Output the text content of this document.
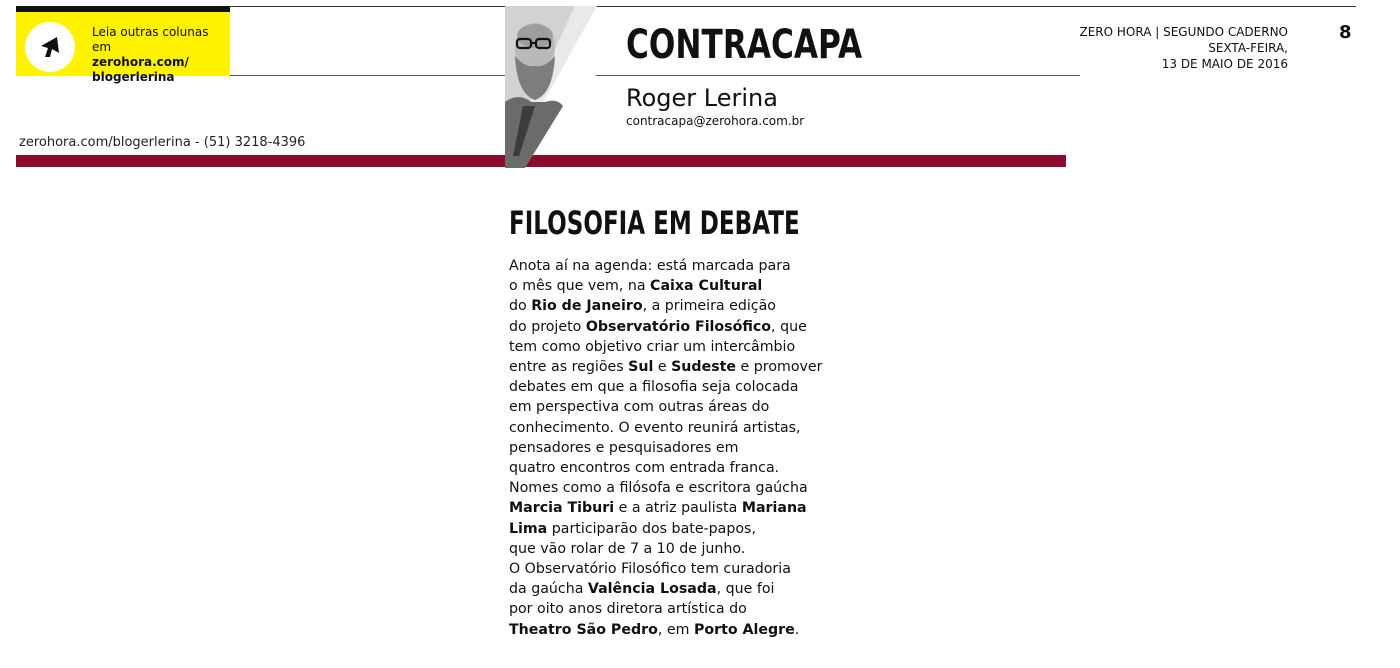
Leia outras colunas em
zerohora.com/
blogerlerina
zerohora.com/blogerlerina - (51) 3218-4396
CONTRACAPA
Roger Lerina
contracapa@zerohora.com.br
ZERO HORA | SEGUNDO CADERNO
SEXTA-FEIRA,
13 DE MAIO DE 2016
8
FILOSOFIA EM DEBATE
Anota aí na agenda: está marcada para
o mês que vem, na Caixa Cultural
do Rio de Janeiro, a primeira edição
do projeto Observatório Filosófico, que
tem como objetivo criar um intercâmbio
entre as regiões Sul e Sudeste e promover
debates em que a filosofia seja colocada
em perspectiva com outras áreas do
conhecimento. O evento reunirá artistas,
pensadores e pesquisadores em
quatro encontros com entrada franca.
Nomes como a filósofa e escritora gaúcha
Marcia Tiburi e a atriz paulista Mariana
Lima participarão dos bate-papos,
que vão rolar de 7 a 10 de junho.
O Observatório Filosófico tem curadoria
da gaúcha Valência Losada, que foi
por oito anos diretora artística do
Theatro São Pedro, em Porto Alegre.
